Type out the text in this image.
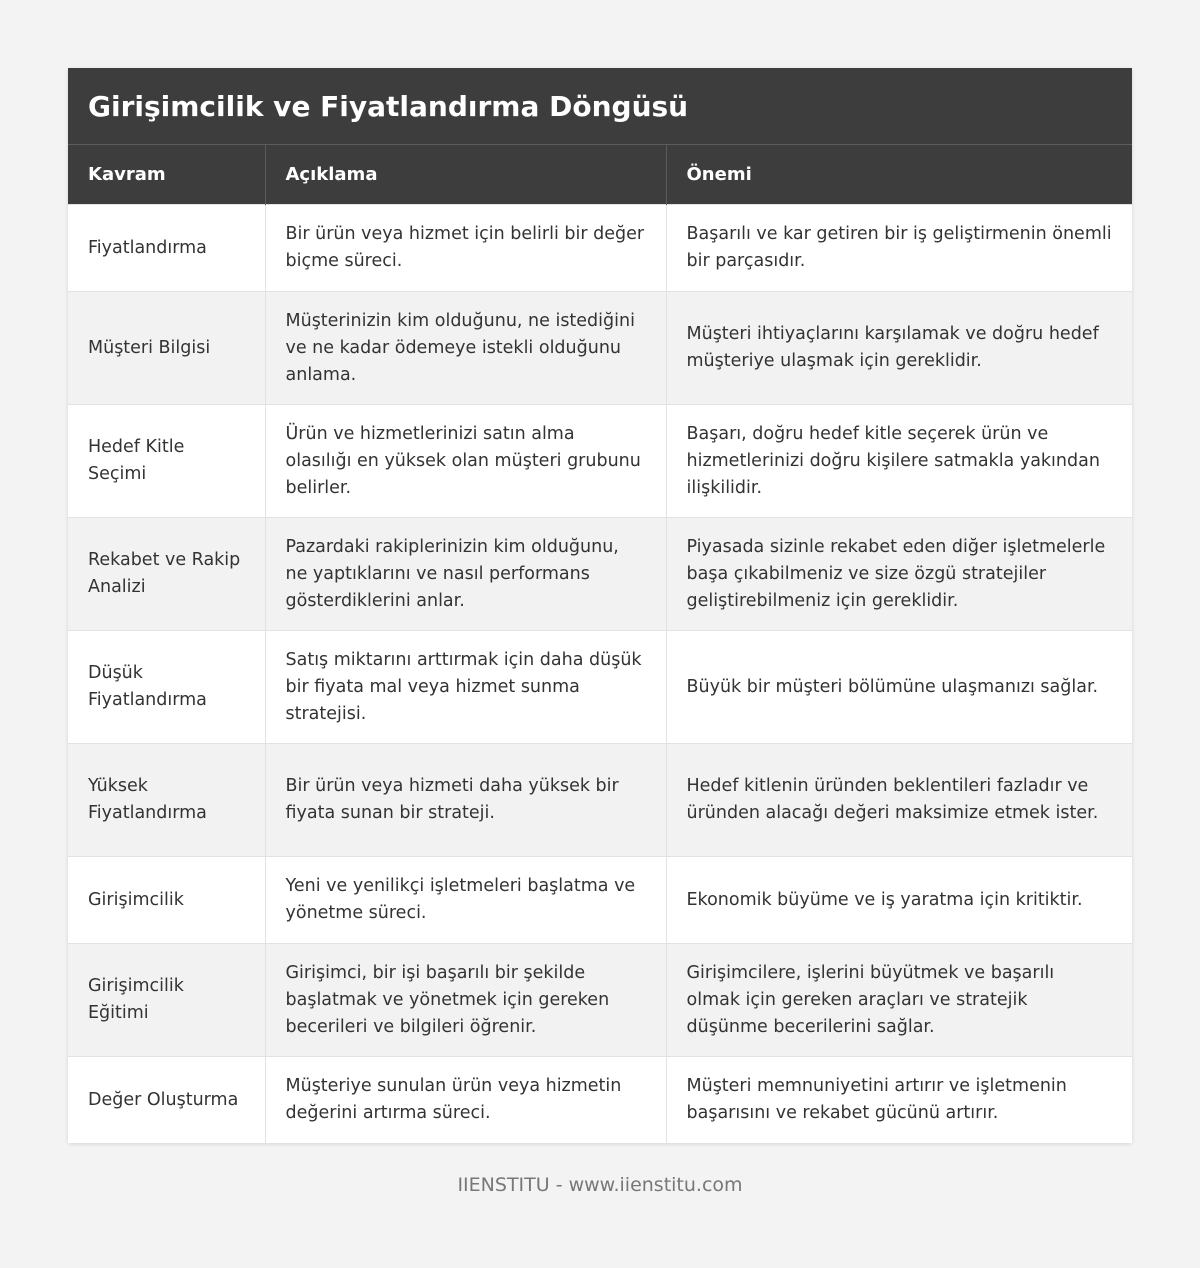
Girişimcilik ve Fiyatlandırma Döngüsü
Kavram	Açıklama	Önemi
Fiyatlandırma	Bir ürün veya hizmet için belirli bir değer biçme süreci.	Başarılı ve kar getiren bir iş geliştirmenin önemli bir parçasıdır.
Müşteri Bilgisi	Müşterinizin kim olduğunu, ne istediğini ve ne kadar ödemeye istekli olduğunu anlama.	Müşteri ihtiyaçlarını karşılamak ve doğru hedef müşteriye ulaşmak için gereklidir.
Hedef Kitle Seçimi	Ürün ve hizmetlerinizi satın alma olasılığı en yüksek olan müşteri grubunu belirler.	Başarı, doğru hedef kitle seçerek ürün ve hizmetlerinizi doğru kişilere satmakla yakından ilişkilidir.
Rekabet ve Rakip Analizi	Pazardaki rakiplerinizin kim olduğunu, ne yaptıklarını ve nasıl performans gösterdiklerini anlar.	Piyasada sizinle rekabet eden diğer işletmelerle başa çıkabilmeniz ve size özgü stratejiler geliştirebilmeniz için gereklidir.
Düşük Fiyatlandırma	Satış miktarını arttırmak için daha düşük bir fiyata mal veya hizmet sunma stratejisi.	Büyük bir müşteri bölümüne ulaşmanızı sağlar.
Yüksek Fiyatlandırma	Bir ürün veya hizmeti daha yüksek bir fiyata sunan bir strateji.	Hedef kitlenin üründen beklentileri fazladır ve üründen alacağı değeri maksimize etmek ister.
Girişimcilik	Yeni ve yenilikçi işletmeleri başlatma ve yönetme süreci.	Ekonomik büyüme ve iş yaratma için kritiktir.
Girişimcilik Eğitimi	Girişimci, bir işi başarılı bir şekilde başlatmak ve yönetmek için gereken becerileri ve bilgileri öğrenir.	Girişimcilere, işlerini büyütmek ve başarılı olmak için gereken araçları ve stratejik düşünme becerilerini sağlar.
Değer Oluşturma	Müşteriye sunulan ürün veya hizmetin değerini artırma süreci.	Müşteri memnuniyetini artırır ve işletmenin başarısını ve rekabet gücünü artırır.
IIENSTITU - www.iienstitu.com
